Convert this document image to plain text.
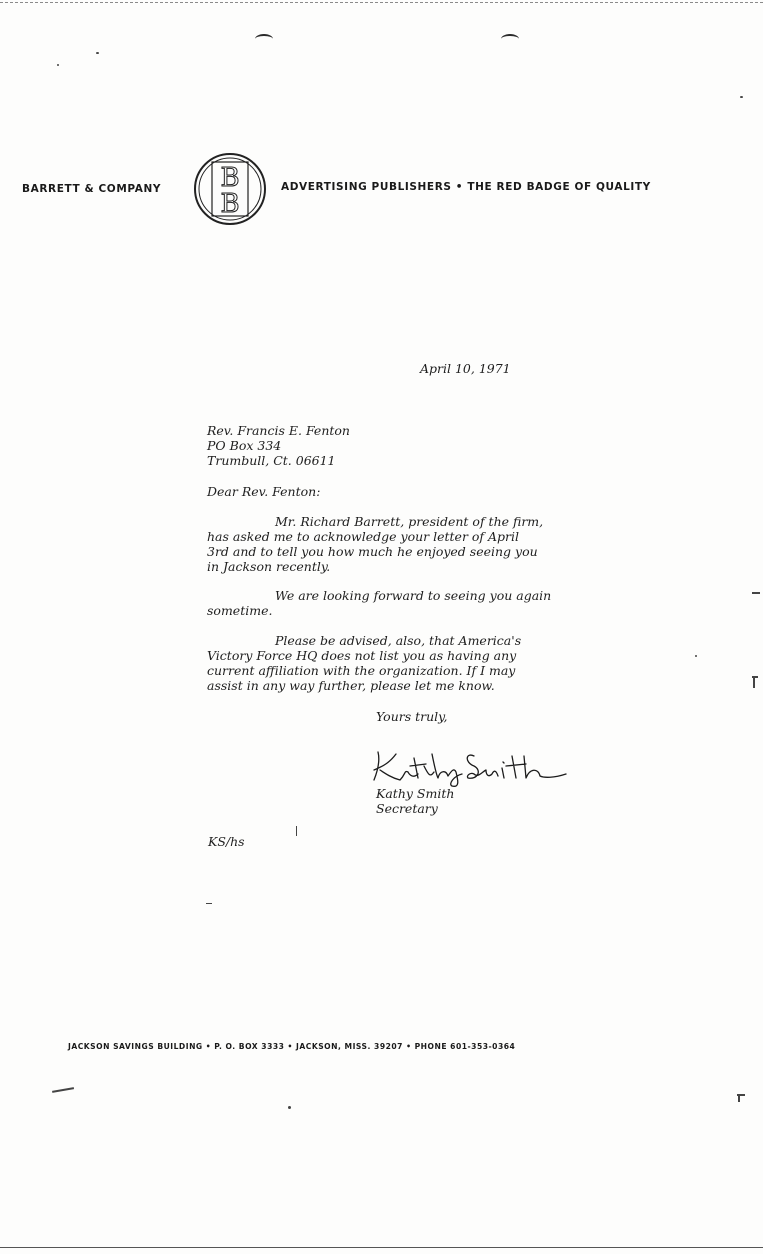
BARRETT & COMPANY B
B
ADVERTISING PUBLISHERS • THE RED BADGE OF QUALITY
April 10, 1971
Rev. Francis E. Fenton
PO Box 334
Trumbull, Ct. 06611
Dear Rev. Fenton:
Mr. Richard Barrett, president of the firm,
has asked me to acknowledge your letter of April
3rd and to tell you how much he enjoyed seeing you
in Jackson recently.
We are looking forward to seeing you again
sometime.
Please be advised, also, that America's
Victory Force HQ does not list you as having any
current affiliation with the organization. If I may
assist in any way further, please let me know.
Yours truly,
Kathy Smith
Secretary
KS/hs
JACKSON SAVINGS BUILDING • P. O. BOX 3333 • JACKSON, MISS. 39207 • PHONE 601-353-0364
